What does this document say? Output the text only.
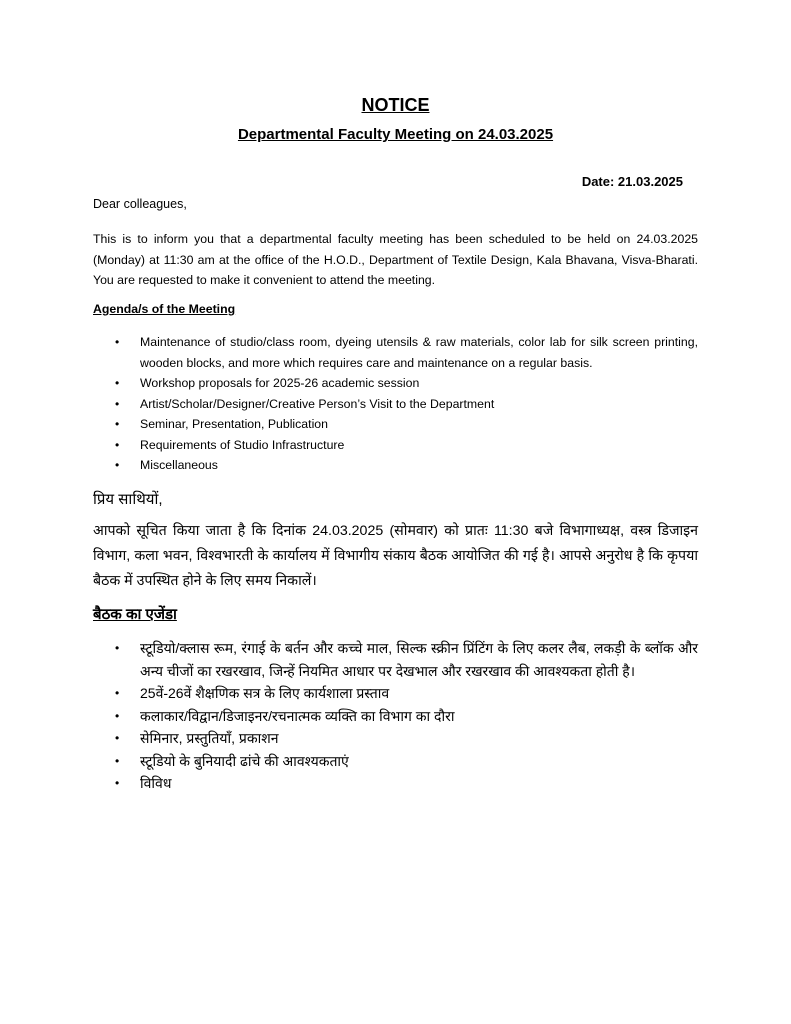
NOTICE
Departmental Faculty Meeting on 24.03.2025
Date: 21.03.2025
Dear colleagues,

This is to inform you that a departmental faculty meeting has been scheduled to be held on 24.03.2025 (Monday) at 11:30 am at the office of the H.O.D., Department of Textile Design, Kala Bhavana, Visva-Bharati. You are requested to make it convenient to attend the meeting.

Agenda/s of the Meeting
• Maintenance of studio/class room, dyeing utensils & raw materials, color lab for silk screen printing, wooden blocks, and more which requires care and maintenance on a regular basis.
• Workshop proposals for 2025-26 academic session
• Artist/Scholar/Designer/Creative Person’s Visit to the Department
• Seminar, Presentation, Publication
• Requirements of Studio Infrastructure
• Miscellaneous
प्रिय साथियों,

आपको सूचित किया जाता है कि दिनांक 24.03.2025 (सोमवार) को प्रातः 11:30 बजे विभागाध्यक्ष, वस्त्र डिजाइन विभाग, कला भवन, विश्वभारती के कार्यालय में विभागीय संकाय बैठक आयोजित की गई है। आपसे अनुरोध है कि कृपया बैठक में उपस्थित होने के लिए समय निकालें।

बैठक का एजेंडा
• स्टूडियो/क्लास रूम, रंगाई के बर्तन और कच्चे माल, सिल्क स्क्रीन प्रिंटिंग के लिए कलर लैब, लकड़ी के ब्लॉक और अन्य चीजों का रखरखाव, जिन्हें नियमित आधार पर देखभाल और रखरखाव की आवश्यकता होती है।
• 25वें-26वें शैक्षणिक सत्र के लिए कार्यशाला प्रस्ताव
• कलाकार/विद्वान/डिजाइनर/रचनात्मक व्यक्ति का विभाग का दौरा
• सेमिनार, प्रस्तुतियाँ, प्रकाशन
• स्टूडियो के बुनियादी ढांचे की आवश्यकताएं
• विविध
